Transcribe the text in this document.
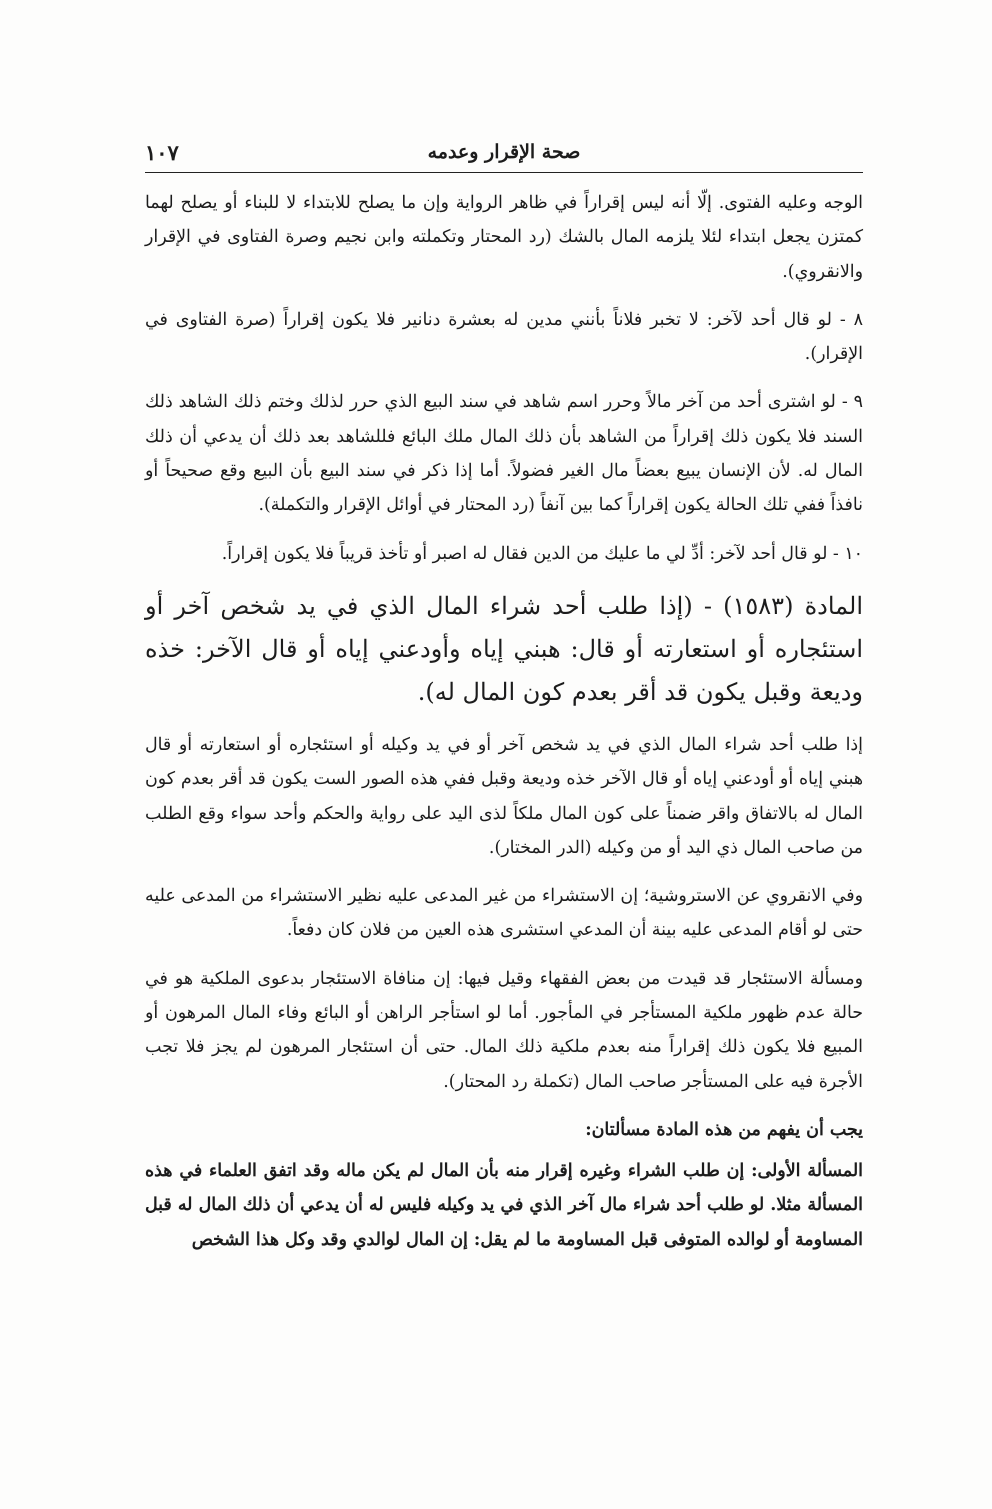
صحة الإقرار وعدمه
١٠٧

الوجه وعليه الفتوى. إلّا أنه ليس إقراراً في ظاهر الرواية وإن ما يصلح للابتداء لا للبناء أو يصلح لهما كمتزن يجعل ابتداء لئلا يلزمه المال بالشك (رد المحتار وتكملته وابن نجيم وصرة الفتاوى في الإقرار والانقروي).

٨ - لو قال أحد لآخر: لا تخبر فلاناً بأنني مدين له بعشرة دنانير فلا يكون إقراراً (صرة الفتاوى في الإقرار).

٩ - لو اشترى أحد من آخر مالاً وحرر اسم شاهد في سند البيع الذي حرر لذلك وختم ذلك الشاهد ذلك السند فلا يكون ذلك إقراراً من الشاهد بأن ذلك المال ملك البائع فللشاهد بعد ذلك أن يدعي أن ذلك المال له. لأن الإنسان يبيع بعضاً مال الغير فضولاً. أما إذا ذكر في سند البيع بأن البيع وقع صحيحاً أو نافذاً ففي تلك الحالة يكون إقراراً كما بين آنفاً (رد المحتار في أوائل الإقرار والتكملة).

١٠ - لو قال أحد لآخر: أدِّ لي ما عليك من الدين فقال له اصبر أو تأخذ قريباً فلا يكون إقراراً.

المادة (١٥٨٣) - (إذا طلب أحد شراء المال الذي في يد شخص آخر أو استئجاره أو استعارته أو قال: هبني إياه وأودعني إياه أو قال الآخر: خذه وديعة وقبل يكون قد أقر بعدم كون المال له).

إذا طلب أحد شراء المال الذي في يد شخص آخر أو في يد وكيله أو استئجاره أو استعارته أو قال هبني إياه أو أودعني إياه أو قال الآخر خذه وديعة وقبل ففي هذه الصور الست يكون قد أقر بعدم كون المال له بالاتفاق واقر ضمناً على كون المال ملكاً لذى اليد على رواية والحكم وأحد سواء وقع الطلب من صاحب المال ذي اليد أو من وكيله (الدر المختار).

وفي الانقروي عن الاستروشية؛ إن الاستشراء من غير المدعى عليه نظير الاستشراء من المدعى عليه حتى لو أقام المدعى عليه بينة أن المدعي استشرى هذه العين من فلان كان دفعاً.

ومسألة الاستئجار قد قيدت من بعض الفقهاء وقيل فيها: إن منافاة الاستئجار بدعوى الملكية هو في حالة عدم ظهور ملكية المستأجر في المأجور. أما لو استأجر الراهن أو البائع وفاء المال المرهون أو المبيع فلا يكون ذلك إقراراً منه بعدم ملكية ذلك المال. حتى أن استئجار المرهون لم يجز فلا تجب الأجرة فيه على المستأجر صاحب المال (تكملة رد المحتار).

يجب أن يفهم من هذه المادة مسألتان:

المسألة الأولى: إن طلب الشراء وغيره إقرار منه بأن المال لم يكن ماله وقد اتفق العلماء في هذه المسألة مثلا. لو طلب أحد شراء مال آخر الذي في يد وكيله فليس له أن يدعي أن ذلك المال له قبل المساومة أو لوالده المتوفى قبل المساومة ما لم يقل: إن المال لوالدي وقد وكل هذا الشخص
